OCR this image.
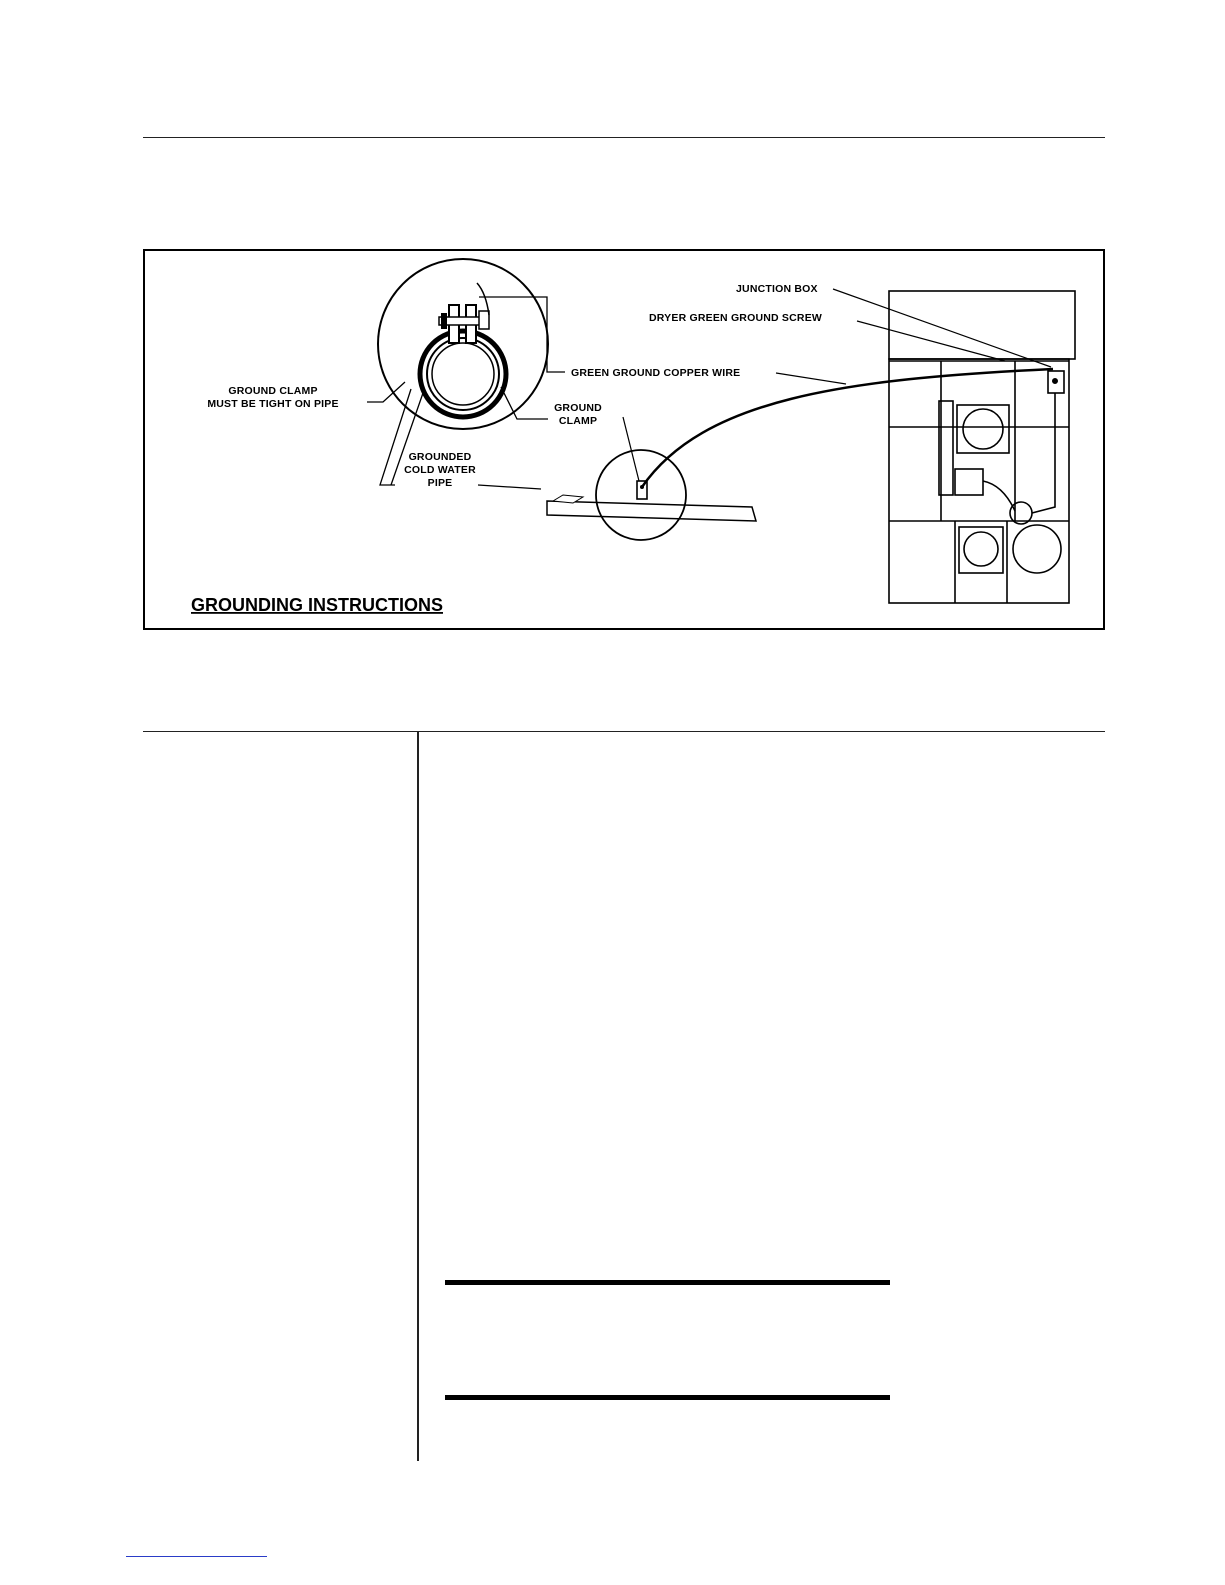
JUNCTION BOX
DRYER GREEN GROUND SCREW
GREEN GROUND COPPER WIRE
GROUND CLAMP
MUST BE TIGHT ON PIPE	GROUND
CLAMP
GROUNDED
COLD WATER
PIPE
GROUNDING INSTRUCTIONS
